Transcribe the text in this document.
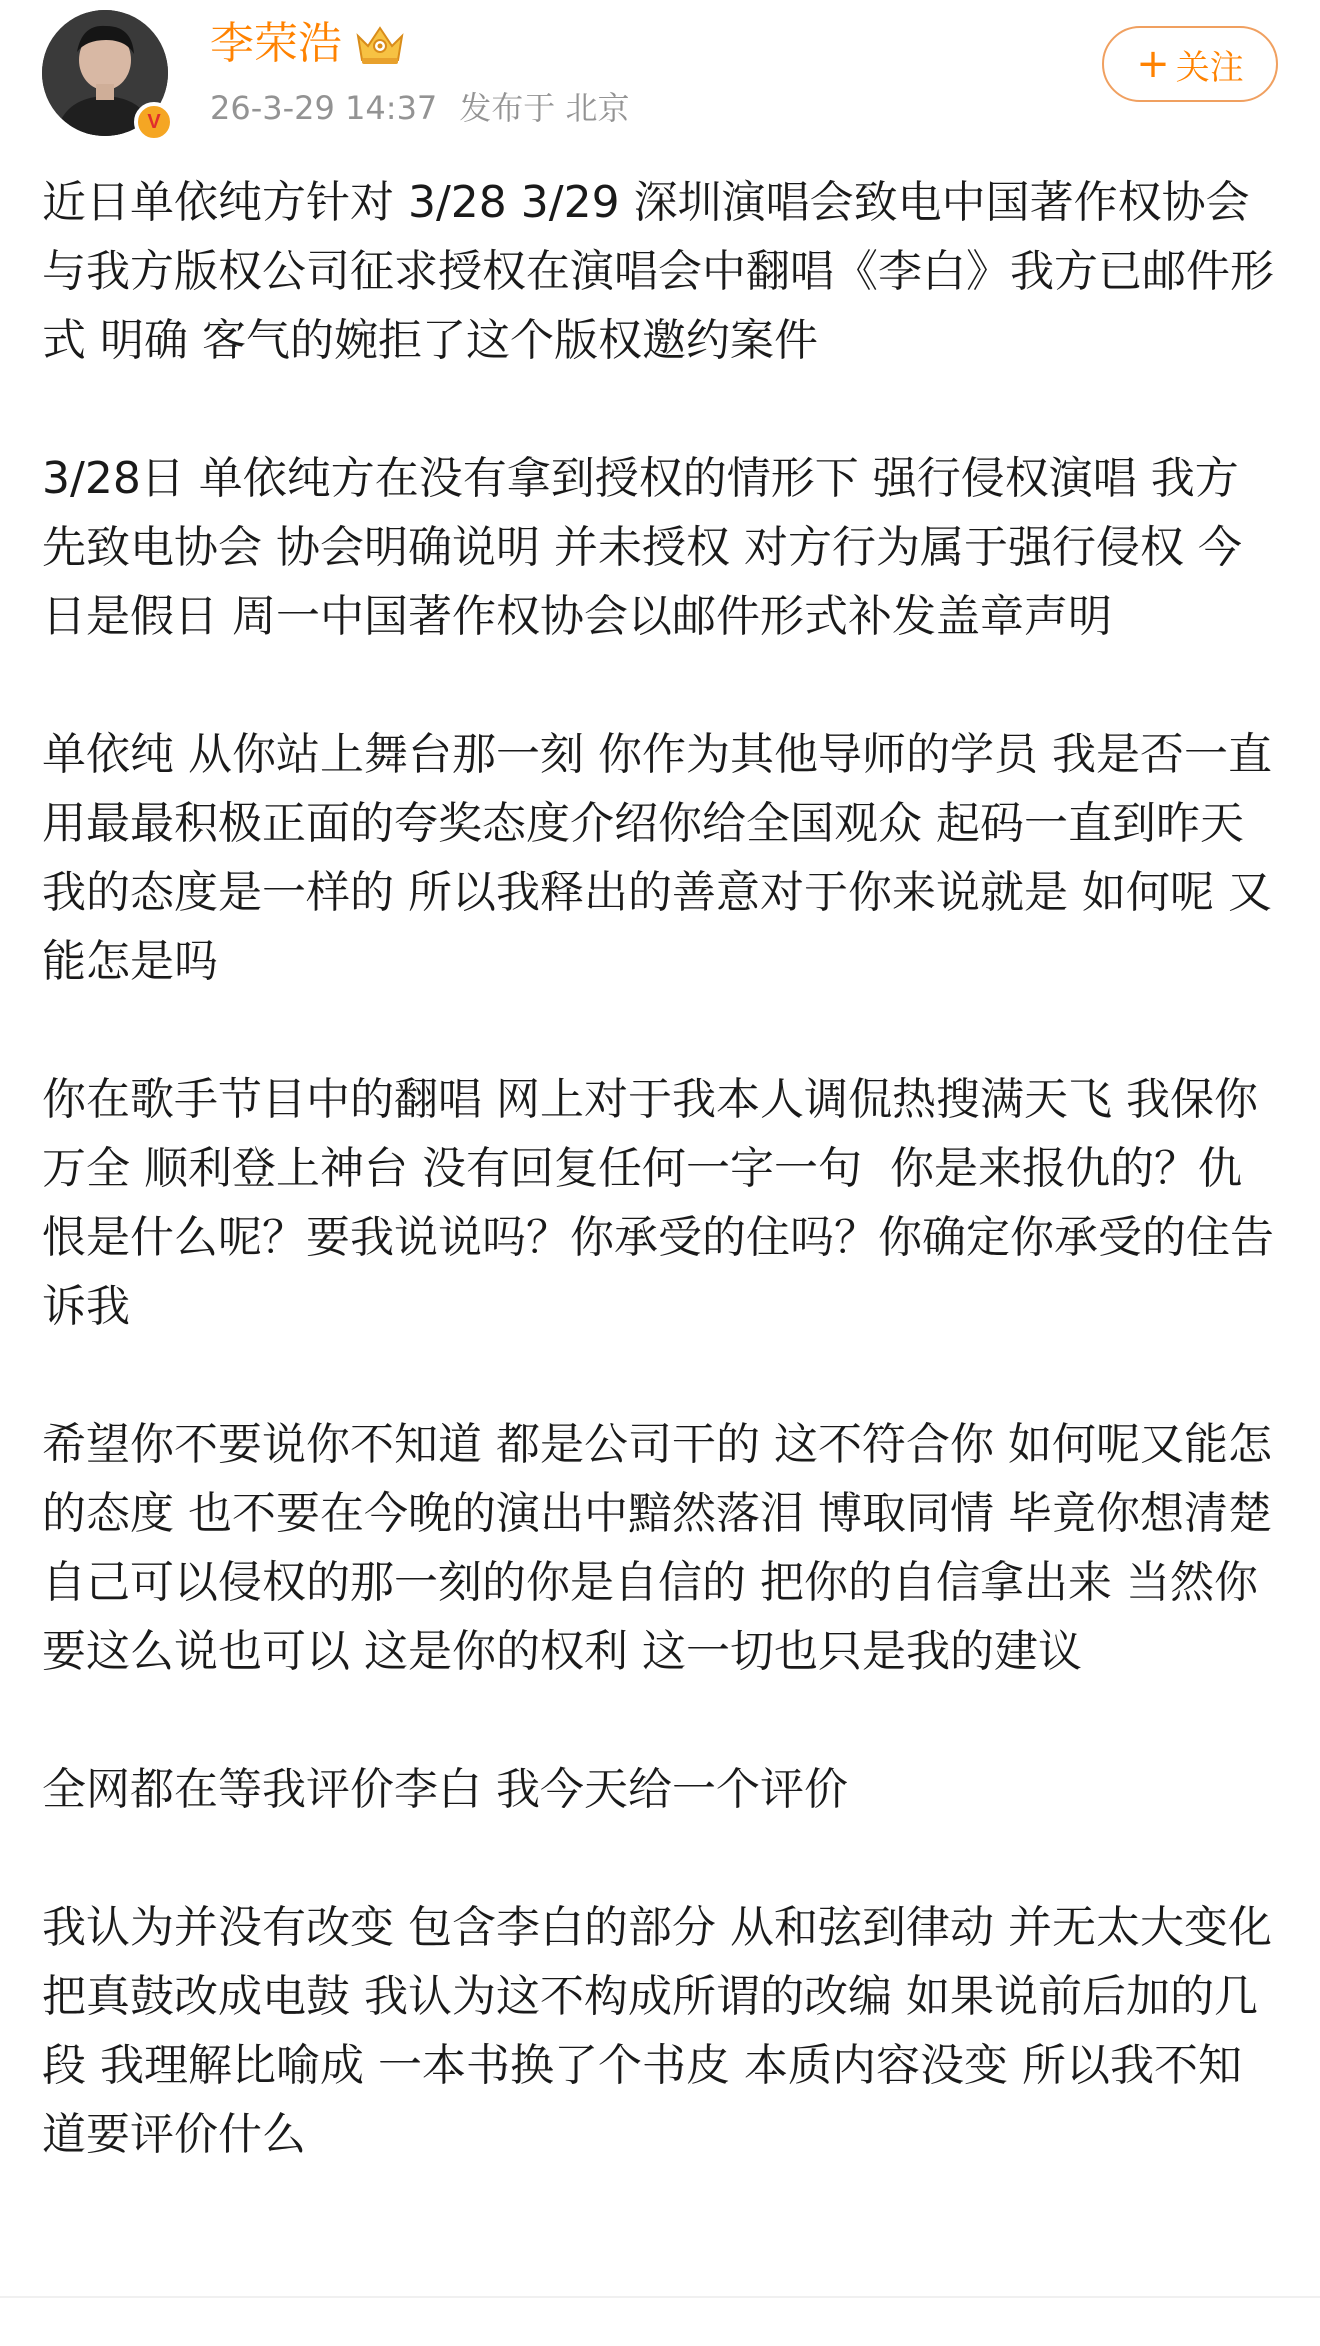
V
李荣浩
26-3-29 14:37 发布于 北京
+ 关注

近日单依纯方针对 3/28 3/29 深圳演唱会致电中国著作权协会与我方版权公司征求授权在演唱会中翻唱《李白》我方已邮件形式 明确 客气的婉拒了这个版权邀约案件

3/28日 单依纯方在没有拿到授权的情形下 强行侵权演唱 我方先致电协会 协会明确说明 并未授权 对方行为属于强行侵权 今日是假日 周一中国著作权协会以邮件形式补发盖章声明

单依纯 从你站上舞台那一刻 你作为其他导师的学员 我是否一直用最最积极正面的夸奖态度介绍你给全国观众 起码一直到昨天 我的态度是一样的 所以我释出的善意对于你来说就是 如何呢 又能怎是吗

你在歌手节目中的翻唱 网上对于我本人调侃热搜满天飞 我保你万全 顺利登上神台 没有回复任何一字一句  你是来报仇的？仇恨是什么呢？要我说说吗？你承受的住吗？你确定你承受的住告诉我

希望你不要说你不知道 都是公司干的 这不符合你 如何呢又能怎的态度 也不要在今晚的演出中黯然落泪 博取同情 毕竟你想清楚自己可以侵权的那一刻的你是自信的 把你的自信拿出来 当然你要这么说也可以 这是你的权利 这一切也只是我的建议

全网都在等我评价李白 我今天给一个评价

我认为并没有改变 包含李白的部分 从和弦到律动 并无太大变化 把真鼓改成电鼓 我认为这不构成所谓的改编 如果说前后加的几段 我理解比喻成 一本书换了个书皮 本质内容没变 所以我不知道要评价什么
